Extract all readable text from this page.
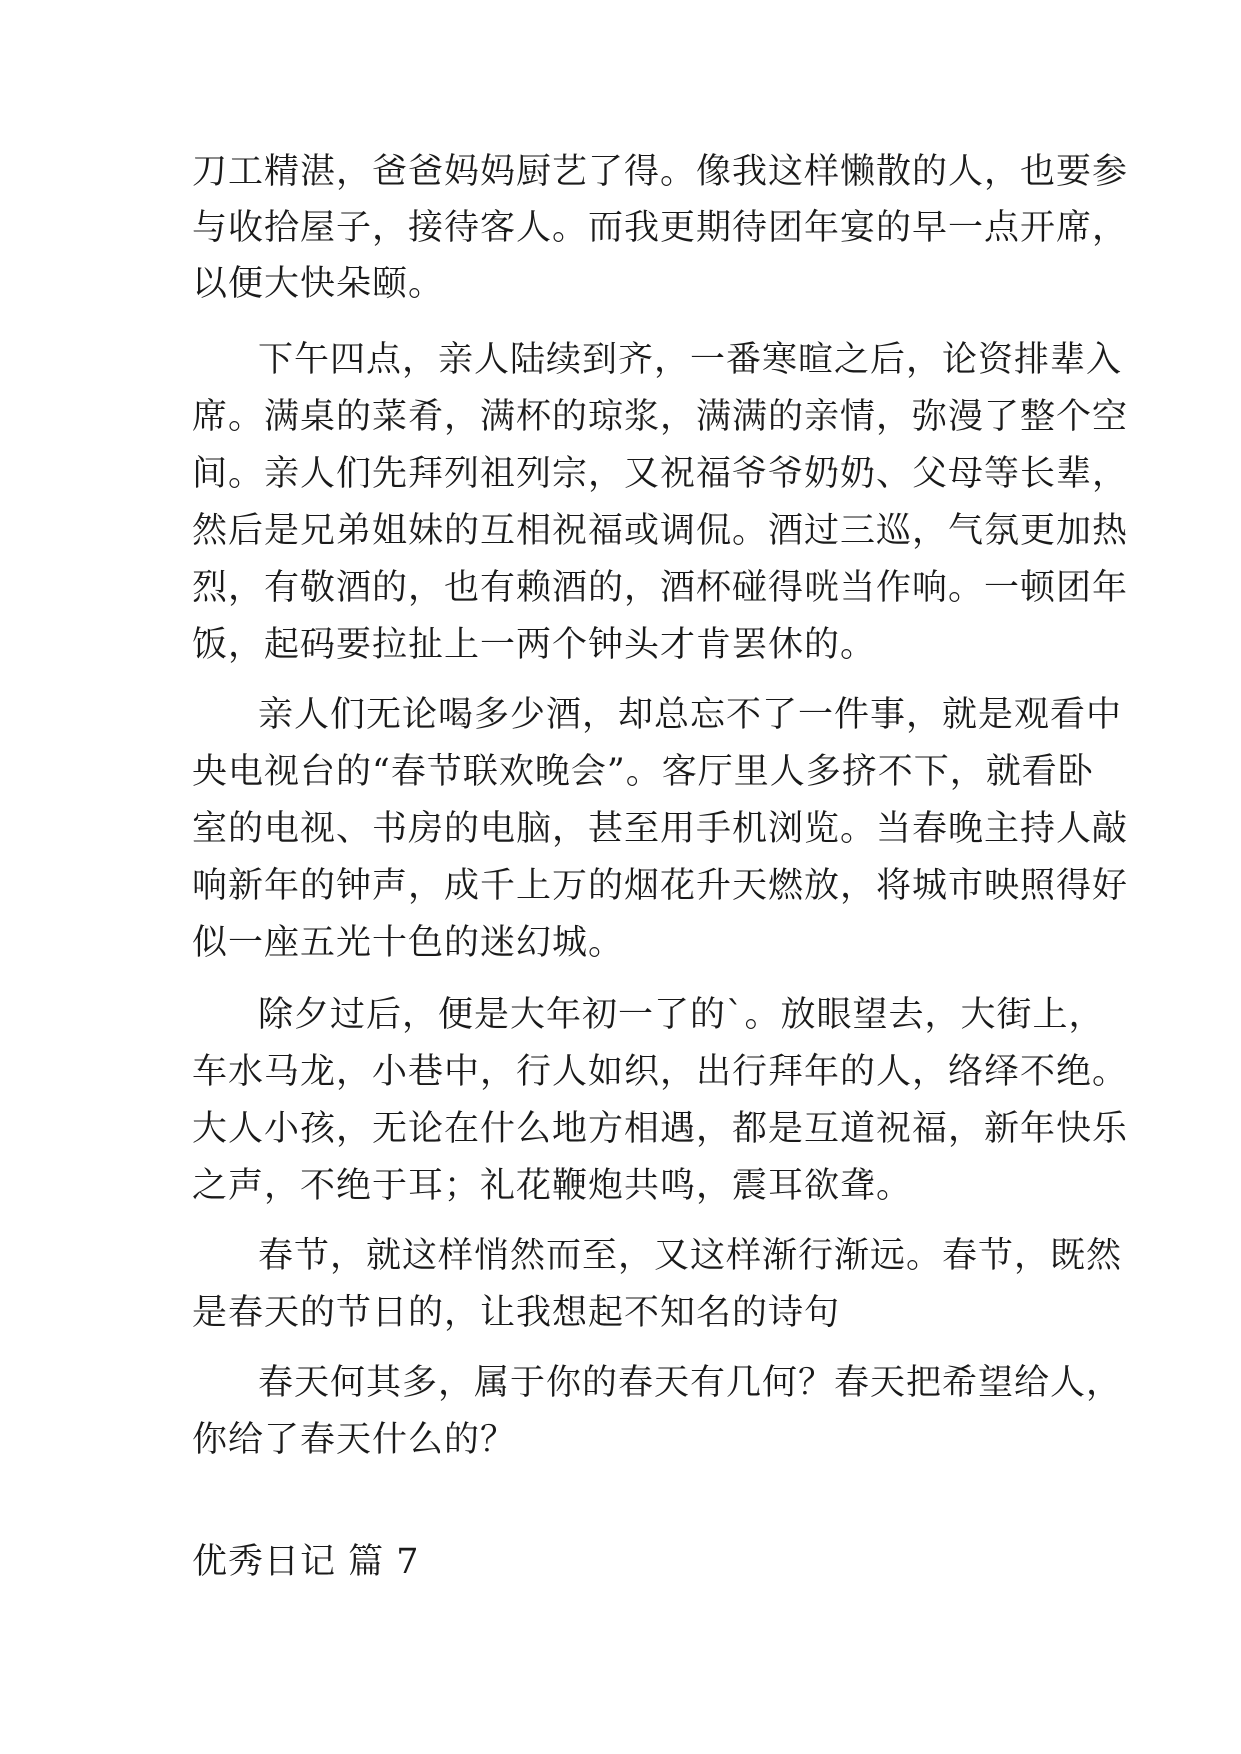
刀工精湛，爸爸妈妈厨艺了得。像我这样懒散的人，也要参
与收拾屋子，接待客人。而我更期待团年宴的早一点开席，
以便大快朵颐。
下午四点，亲人陆续到齐，一番寒暄之后，论资排辈入
席。满桌的菜肴，满杯的琼浆，满满的亲情，弥漫了整个空
间。亲人们先拜列祖列宗，又祝福爷爷奶奶、父母等长辈，
然后是兄弟姐妹的互相祝福或调侃。酒过三巡，气氛更加热
烈，有敬酒的，也有赖酒的，酒杯碰得咣当作响。一顿团年
饭，起码要拉扯上一两个钟头才肯罢休的。
亲人们无论喝多少酒，却总忘不了一件事，就是观看中
央电视台的“春节联欢晚会”。客厅里人多挤不下，就看卧
室的电视、书房的电脑，甚至用手机浏览。当春晚主持人敲
响新年的钟声，成千上万的烟花升天燃放，将城市映照得好
似一座五光十色的迷幻城。
除夕过后，便是大年初一了的`。放眼望去，大街上，
车水马龙，小巷中，行人如织，出行拜年的人，络绎不绝。
大人小孩，无论在什么地方相遇，都是互道祝福，新年快乐
之声，不绝于耳；礼花鞭炮共鸣，震耳欲聋。
春节，就这样悄然而至，又这样渐行渐远。春节，既然
是春天的节日的，让我想起不知名的诗句
春天何其多，属于你的春天有几何？春天把希望给人，
你给了春天什么的？
优秀日记 篇 7
